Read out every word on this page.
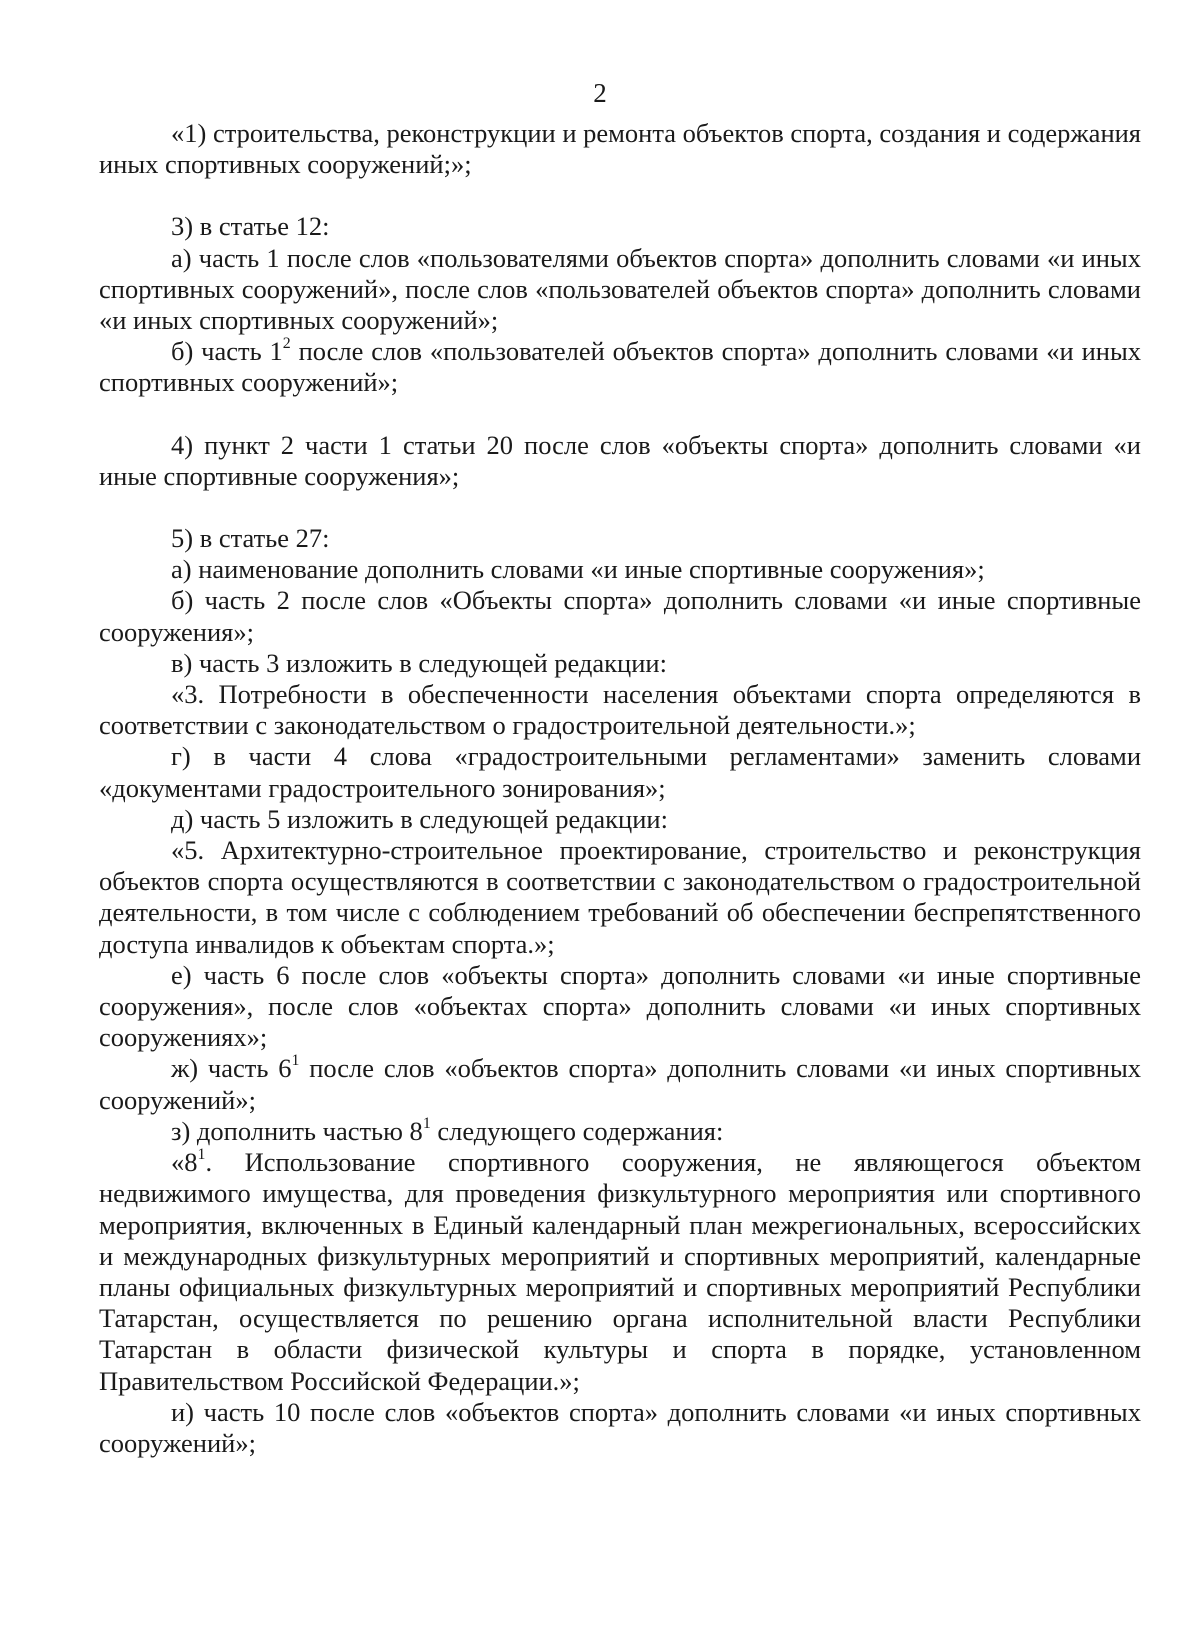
2

«1) строительства, реконструкции и ремонта объектов спорта, создания и содержания иных спортивных сооружений;»;

3) в статье 12:

а) часть 1 после слов «пользователями объектов спорта» дополнить словами «и иных спортивных сооружений», после слов «пользователей объектов спорта» дополнить словами «и иных спортивных сооружений»;

б) часть $1^2$ после слов «пользователей объектов спорта» дополнить словами «и иных спортивных сооружений»;

4) пункт 2 части 1 статьи 20 после слов «объекты спорта» дополнить словами «и иные спортивные сооружения»;

5) в статье 27:

а) наименование дополнить словами «и иные спортивные сооружения»;

б) часть 2 после слов «Объекты спорта» дополнить словами «и иные спортивные сооружения»;

в) часть 3 изложить в следующей редакции:

«3. Потребности в обеспеченности населения объектами спорта определяются в соответствии с законодательством о градостроительной деятельности.»;

г) в части 4 слова «градостроительными регламентами» заменить словами «документами градостроительного зонирования»;

д) часть 5 изложить в следующей редакции:

«5. Архитектурно-строительное проектирование, строительство и реконструкция объектов спорта осуществляются в соответствии с законодательством о градостроительной деятельности, в том числе с соблюдением требований об обеспечении беспрепятственного доступа инвалидов к объектам спорта.»;

е) часть 6 после слов «объекты спорта» дополнить словами «и иные спортивные сооружения», после слов «объектах спорта» дополнить словами «и иных спортивных сооружениях»;

ж) часть $6^1$ после слов «объектов спорта» дополнить словами «и иных спортивных сооружений»;

з) дополнить частью $8^1$ следующего содержания:

«$8^1$. Использование спортивного сооружения, не являющегося объектом недвижимого имущества, для проведения физкультурного мероприятия или спортивного мероприятия, включенных в Единый календарный план межрегиональных, всероссийских и международных физкультурных мероприятий и спортивных мероприятий, календарные планы официальных физкультурных мероприятий и спортивных мероприятий Республики Татарстан, осуществляется по решению органа исполнительной власти Республики Татарстан в области физической культуры и спорта в порядке, установленном Правительством Российской Федерации.»;

и) часть 10 после слов «объектов спорта» дополнить словами «и иных спортивных сооружений»;
